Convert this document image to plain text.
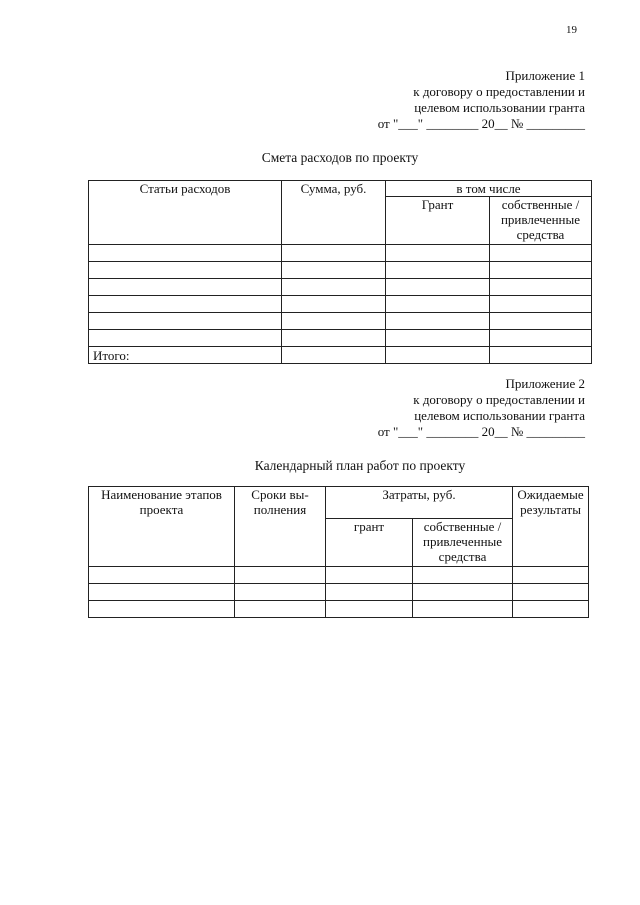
19
Приложение 1
к договору о предоставлении и
целевом использовании гранта
от "___" ________ 20__ № _________
Смета расходов по проекту
Статьи расходов	Сумма, руб.	в том числе	
		Грант	собственные / привлеченные средства

Итого:			
Приложение 2
к договору о предоставлении и
целевом использовании гранта
от "___" ________ 20__ № _________
Календарный план работ по проекту
Наименование этапов проекта	Сроки вы-полнения	Затраты, руб.		Ожидаемые результаты
		грант	собственные / привлеченные средства	
